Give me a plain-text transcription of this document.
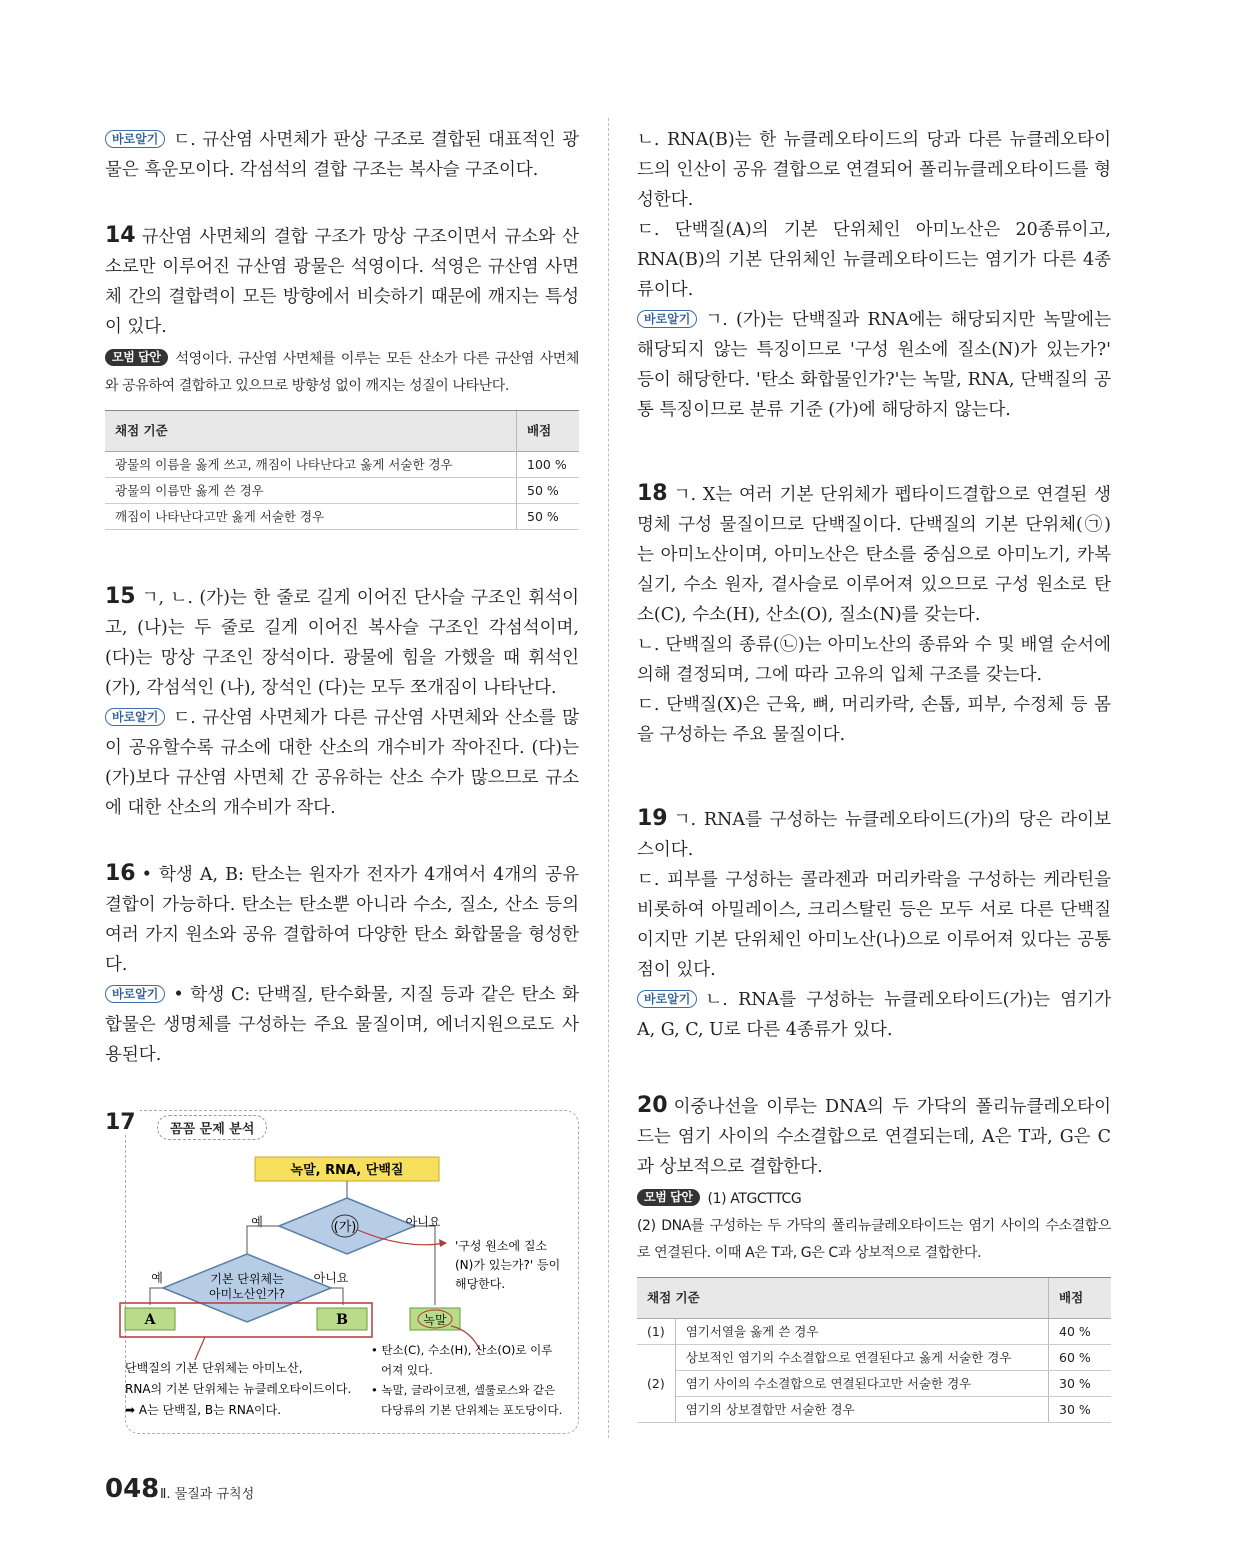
바로알기 ㄷ. 규산염 사면체가 판상 구조로 결합된 대표적인 광물은 흑운모이다. 각섬석의 결합 구조는 복사슬 구조이다.

14 규산염 사면체의 결합 구조가 망상 구조이면서 규소와 산소로만 이루어진 규산염 광물은 석영이다. 석영은 규산염 사면체 간의 결합력이 모든 방향에서 비슷하기 때문에 깨지는 특성이 있다.

모범 답안 석영이다. 규산염 사면체를 이루는 모든 산소가 다른 규산염 사면체와 공유하여 결합하고 있으므로 방향성 없이 깨지는 성질이 나타난다.

채점 기준	배점
광물의 이름을 옳게 쓰고, 깨짐이 나타난다고 옳게 서술한 경우	100 %
광물의 이름만 옳게 쓴 경우	50 %
깨짐이 나타난다고만 옳게 서술한 경우	50 %

15 ㄱ, ㄴ. (가)는 한 줄로 길게 이어진 단사슬 구조인 휘석이고, (나)는 두 줄로 길게 이어진 복사슬 구조인 각섬석이며, (다)는 망상 구조인 장석이다. 광물에 힘을 가했을 때 휘석인 (가), 각섬석인 (나), 장석인 (다)는 모두 쪼개짐이 나타난다.

바로알기 ㄷ. 규산염 사면체가 다른 규산염 사면체와 산소를 많이 공유할수록 규소에 대한 산소의 개수비가 작아진다. (다)는 (가)보다 규산염 사면체 간 공유하는 산소 수가 많으므로 규소에 대한 산소의 개수비가 작다.

16 • 학생 A, B: 탄소는 원자가 전자가 4개여서 4개의 공유 결합이 가능하다. 탄소는 탄소뿐 아니라 수소, 질소, 산소 등의 여러 가지 원소와 공유 결합하여 다양한 탄소 화합물을 형성한다.

바로알기 • 학생 C: 단백질, 탄수화물, 지질 등과 같은 탄소 화합물은 생명체를 구성하는 주요 물질이며, 에너지원으로도 사용된다.

녹말, RNA, 단백질
(가)
예	아니요
'구성 원소에 질소
(N)가 있는가?' 등이
해당한다.
기본 단위체는
아미노산인가?
예	아니요
A	B	녹말
단백질의 기본 단위체는 아미노산,
RNA의 기본 단위체는 뉴클레오타이드이다.
➡ A는 단백질, B는 RNA이다.
• 탄소(C), 수소(H), 산소(O)로 이루
어져 있다.
• 녹말, 글라이코젠, 셀룰로스와 같은
다당류의 기본 단위체는 포도당이다.
17	꼼꼼 문제 분석

ㄴ. RNA(B)는 한 뉴클레오타이드의 당과 다른 뉴클레오타이드의 인산이 공유 결합으로 연결되어 폴리뉴클레오타이드를 형성한다.

ㄷ. 단백질(A)의 기본 단위체인 아미노산은 20종류이고, RNA(B)의 기본 단위체인 뉴클레오타이드는 염기가 다른 4종류이다.

바로알기 ㄱ. (가)는 단백질과 RNA에는 해당되지만 녹말에는 해당되지 않는 특징이므로 '구성 원소에 질소(N)가 있는가?' 등이 해당한다. '탄소 화합물인가?'는 녹말, RNA, 단백질의 공통 특징이므로 분류 기준 (가)에 해당하지 않는다.

18 ㄱ. X는 여러 기본 단위체가 펩타이드결합으로 연결된 생명체 구성 물질이므로 단백질이다. 단백질의 기본 단위체(㉠)는 아미노산이며, 아미노산은 탄소를 중심으로 아미노기, 카복실기, 수소 원자, 곁사슬로 이루어져 있으므로 구성 원소로 탄소(C), 수소(H), 산소(O), 질소(N)를 갖는다.

ㄴ. 단백질의 종류(㉡)는 아미노산의 종류와 수 및 배열 순서에 의해 결정되며, 그에 따라 고유의 입체 구조를 갖는다.

ㄷ. 단백질(X)은 근육, 뼈, 머리카락, 손톱, 피부, 수정체 등 몸을 구성하는 주요 물질이다.

19 ㄱ. RNA를 구성하는 뉴클레오타이드(가)의 당은 라이보스이다.

ㄷ. 피부를 구성하는 콜라젠과 머리카락을 구성하는 케라틴을 비롯하여 아밀레이스, 크리스탈린 등은 모두 서로 다른 단백질이지만 기본 단위체인 아미노산(나)으로 이루어져 있다는 공통점이 있다.

바로알기 ㄴ. RNA를 구성하는 뉴클레오타이드(가)는 염기가 A, G, C, U로 다른 4종류가 있다.

20 이중나선을 이루는 DNA의 두 가닥의 폴리뉴클레오타이드는 염기 사이의 수소결합으로 연결되는데, A은 T과, G은 C과 상보적으로 결합한다.

모범 답안 (1) ATGCTTCG

(2) DNA를 구성하는 두 가닥의 폴리뉴클레오타이드는 염기 사이의 수소결합으로 연결된다. 이때 A은 T과, G은 C과 상보적으로 결합한다.

채점 기준		배점
(1)	염기서열을 옳게 쓴 경우	40 %
(2)	상보적인 염기의 수소결합으로 연결된다고 옳게 서술한 경우	60 %
	염기 사이의 수소결합으로 연결된다고만 서술한 경우	30 %
	염기의 상보결합만 서술한 경우	30 %
048 Ⅱ. 물질과 규칙성
